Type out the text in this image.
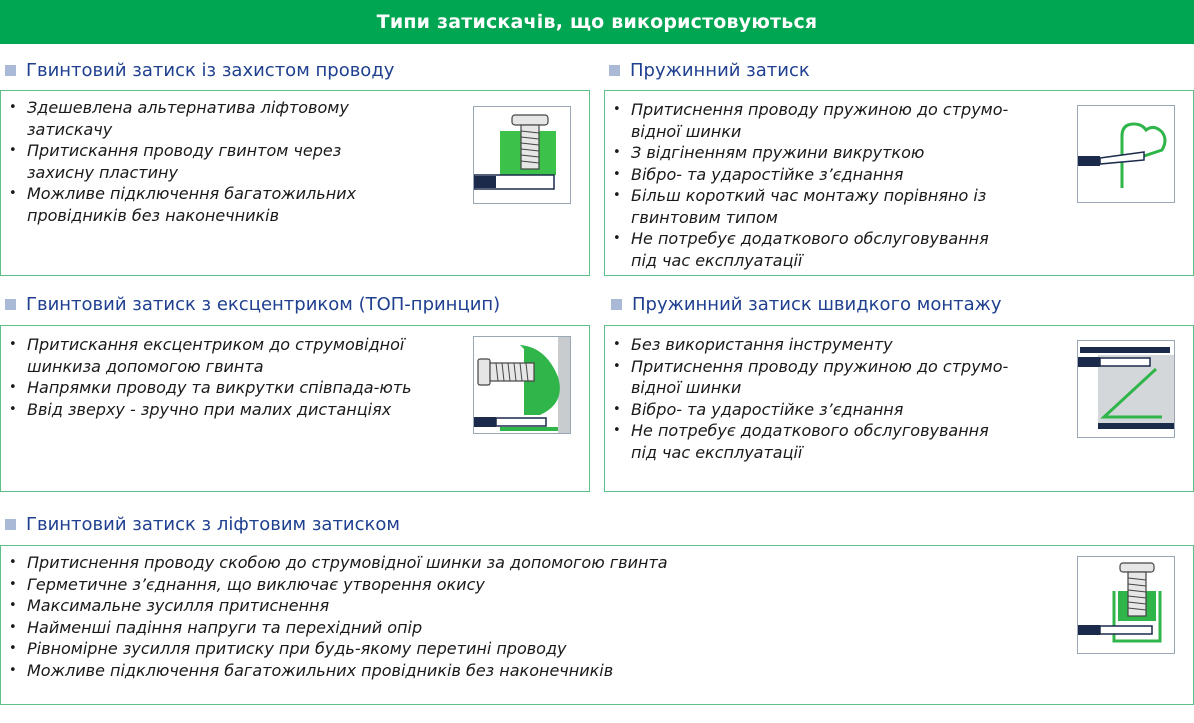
Типи затискачів, що використовуються
Гвинтовий затиск із захистом проводу
• Здешевлена альтернатива ліфтовому затискачу
• Притискання проводу гвинтом через захисну пластину
• Можливе підключення багатожильних провідників без наконечників
Пружинний затиск
• Притиснення проводу пружиною до струмо-відної шинки
• З відгіненням пружини викруткою
• Вібро- та ударостійке з’єднання
• Більш короткий час монтажу порівняно із гвинтовим типом
• Не потребує додаткового обслуговування під час експлуатації
Гвинтовий затиск з ексцентриком (ТОП-принцип)
• Притискання ексцентриком до струмовідної шинкиза допомогою гвинта
• Напрямки проводу та викрутки співпада-ють
• Ввід зверху - зручно при малих дистанціях
Пружинний затиск швидкого монтажу
• Без використання інструменту
• Притиснення проводу пружиною до струмо-відної шинки
• Вібро- та ударостійке з’єднання
• Не потребує додаткового обслуговування під час експлуатації
Гвинтовий затиск з ліфтовим затиском
• Притиснення проводу скобою до струмовідної шинки за допомогою гвинта
• Герметичне з’єднання, що виключає утворення окису
• Максимальне зусилля притиснення
• Найменші падіння напруги та перехідний опір
• Рівномірне зусилля притиску при будь-якому перетині проводу
• Можливе підключення багатожильних провідників без наконечників
